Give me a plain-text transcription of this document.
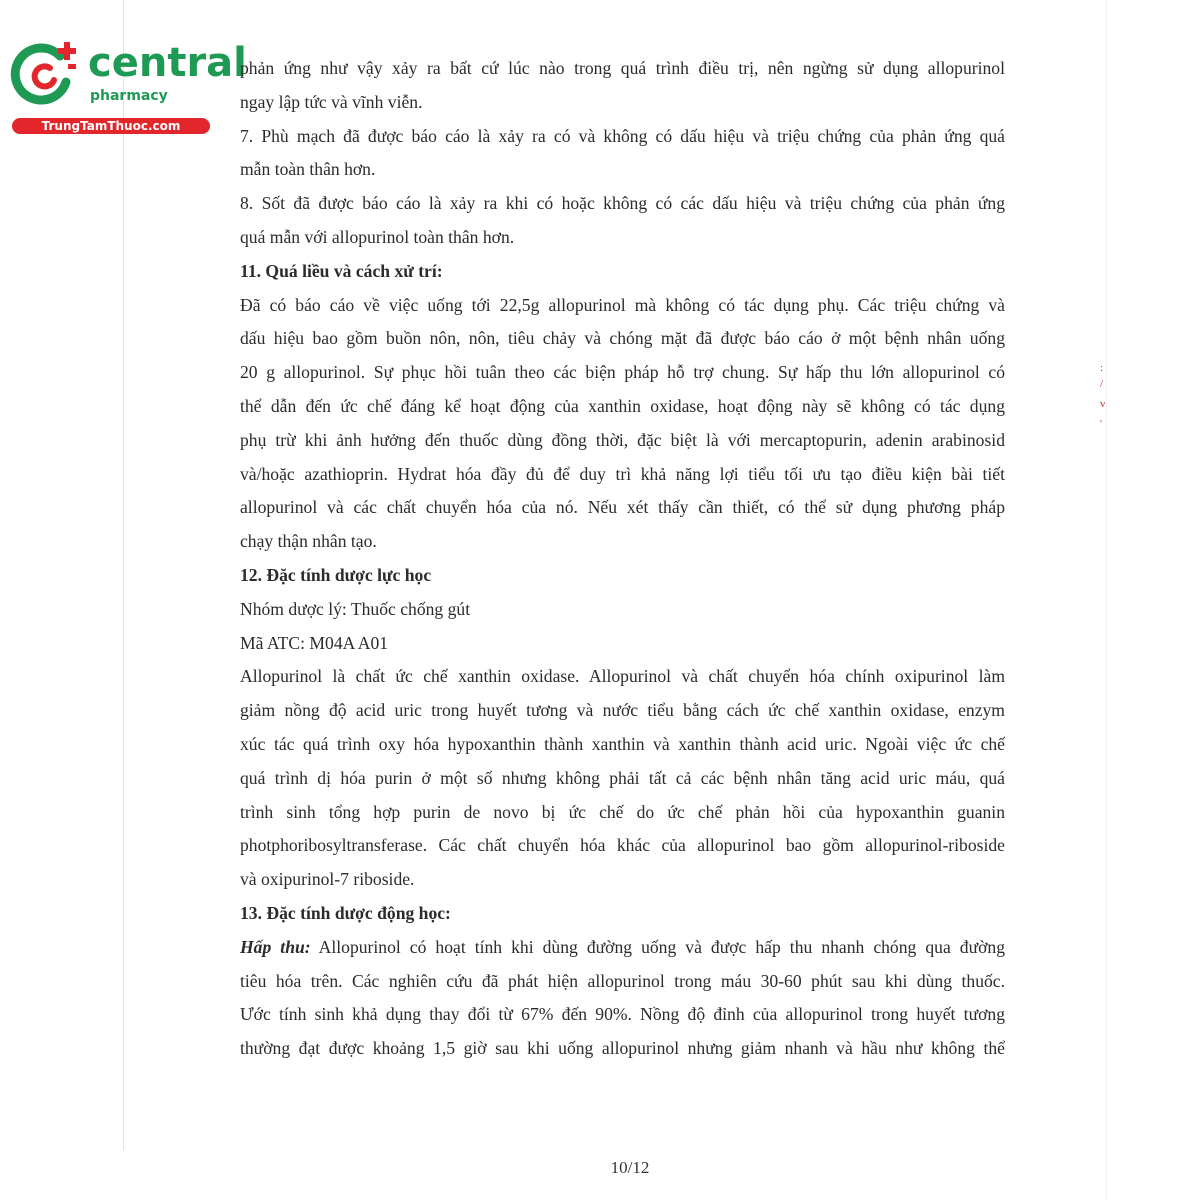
central
pharmacy
TrungTamThuoc.com
:
/
v
'
phản ứng như vậy xảy ra bất cứ lúc nào trong quá trình điều trị, nên ngừng sử dụng allopurinol
ngay lập tức và vĩnh viễn.
7. Phù mạch đã được báo cáo là xảy ra có và không có dấu hiệu và triệu chứng của phản ứng quá
mẫn toàn thân hơn.
8. Sốt đã được báo cáo là xảy ra khi có hoặc không có các dấu hiệu và triệu chứng của phản ứng
quá mẫn với allopurinol toàn thân hơn.
11. Quá liều và cách xử trí:
Đã có báo cáo về việc uống tới 22,5g allopurinol mà không có tác dụng phụ. Các triệu chứng và
dấu hiệu bao gồm buồn nôn, nôn, tiêu chảy và chóng mặt đã được báo cáo ở một bệnh nhân uống
20 g allopurinol. Sự phục hồi tuân theo các biện pháp hỗ trợ chung. Sự hấp thu lớn allopurinol có
thể dẫn đến ức chế đáng kể hoạt động của xanthin oxidase, hoạt động này sẽ không có tác dụng
phụ trừ khi ảnh hưởng đến thuốc dùng đồng thời, đặc biệt là với mercaptopurin, adenin arabinosid
và/hoặc azathioprin. Hydrat hóa đầy đủ để duy trì khả năng lợi tiểu tối ưu tạo điều kiện bài tiết
allopurinol và các chất chuyển hóa của nó. Nếu xét thấy cần thiết, có thể sử dụng phương pháp
chạy thận nhân tạo.
12. Đặc tính dược lực học
Nhóm dược lý: Thuốc chống gút
Mã ATC: M04A A01
Allopurinol là chất ức chế xanthin oxidase. Allopurinol và chất chuyển hóa chính oxipurinol làm
giảm nồng độ acid uric trong huyết tương và nước tiểu bằng cách ức chế xanthin oxidase, enzym
xúc tác quá trình oxy hóa hypoxanthin thành xanthin và xanthin thành acid uric. Ngoài việc ức chế
quá trình dị hóa purin ở một số nhưng không phải tất cả các bệnh nhân tăng acid uric máu, quá
trình sinh tổng hợp purin de novo bị ức chế do ức chế phản hồi của hypoxanthin guanin
photphoribosyltransferase. Các chất chuyển hóa khác của allopurinol bao gồm allopurinol-riboside
và oxipurinol-7 riboside.
13. Đặc tính dược động học:
Hấp thu: Allopurinol có hoạt tính khi dùng đường uống và được hấp thu nhanh chóng qua đường
tiêu hóa trên. Các nghiên cứu đã phát hiện allopurinol trong máu 30-60 phút sau khi dùng thuốc.
Ước tính sinh khả dụng thay đổi từ 67% đến 90%. Nồng độ đỉnh của allopurinol trong huyết tương
thường đạt được khoảng 1,5 giờ sau khi uống allopurinol nhưng giảm nhanh và hầu như không thể
10/12
